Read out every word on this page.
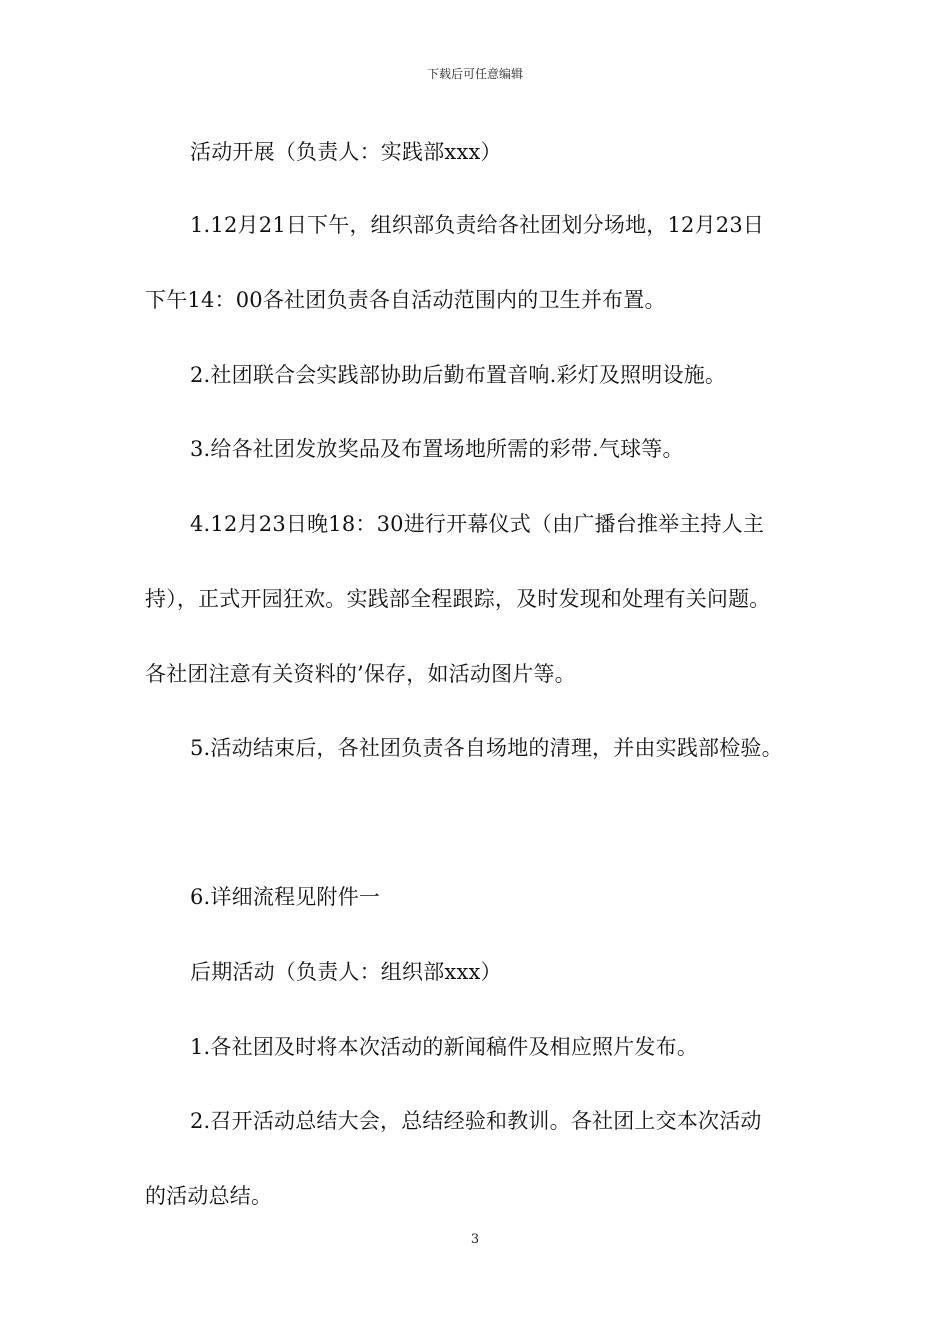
下载后可任意编辑
活动开展（负责人：实践部xxx）
1.12月21日下午，组织部负责给各社团划分场地，12月23日
下午14：00各社团负责各自活动范围内的卫生并布置。
2.社团联合会实践部协助后勤布置音响.彩灯及照明设施。
3.给各社团发放奖品及布置场地所需的彩带.气球等。
4.12月23日晚18：30进行开幕仪式（由广播台推举主持人主
持），正式开园狂欢。实践部全程跟踪，及时发现和处理有关问题。
各社团注意有关资料的’保存，如活动图片等。
5.活动结束后，各社团负责各自场地的清理，并由实践部检验。
6.详细流程见附件一
后期活动（负责人：组织部xxx）
1.各社团及时将本次活动的新闻稿件及相应照片发布。
2.召开活动总结大会，总结经验和教训。各社团上交本次活动
的活动总结。
3
